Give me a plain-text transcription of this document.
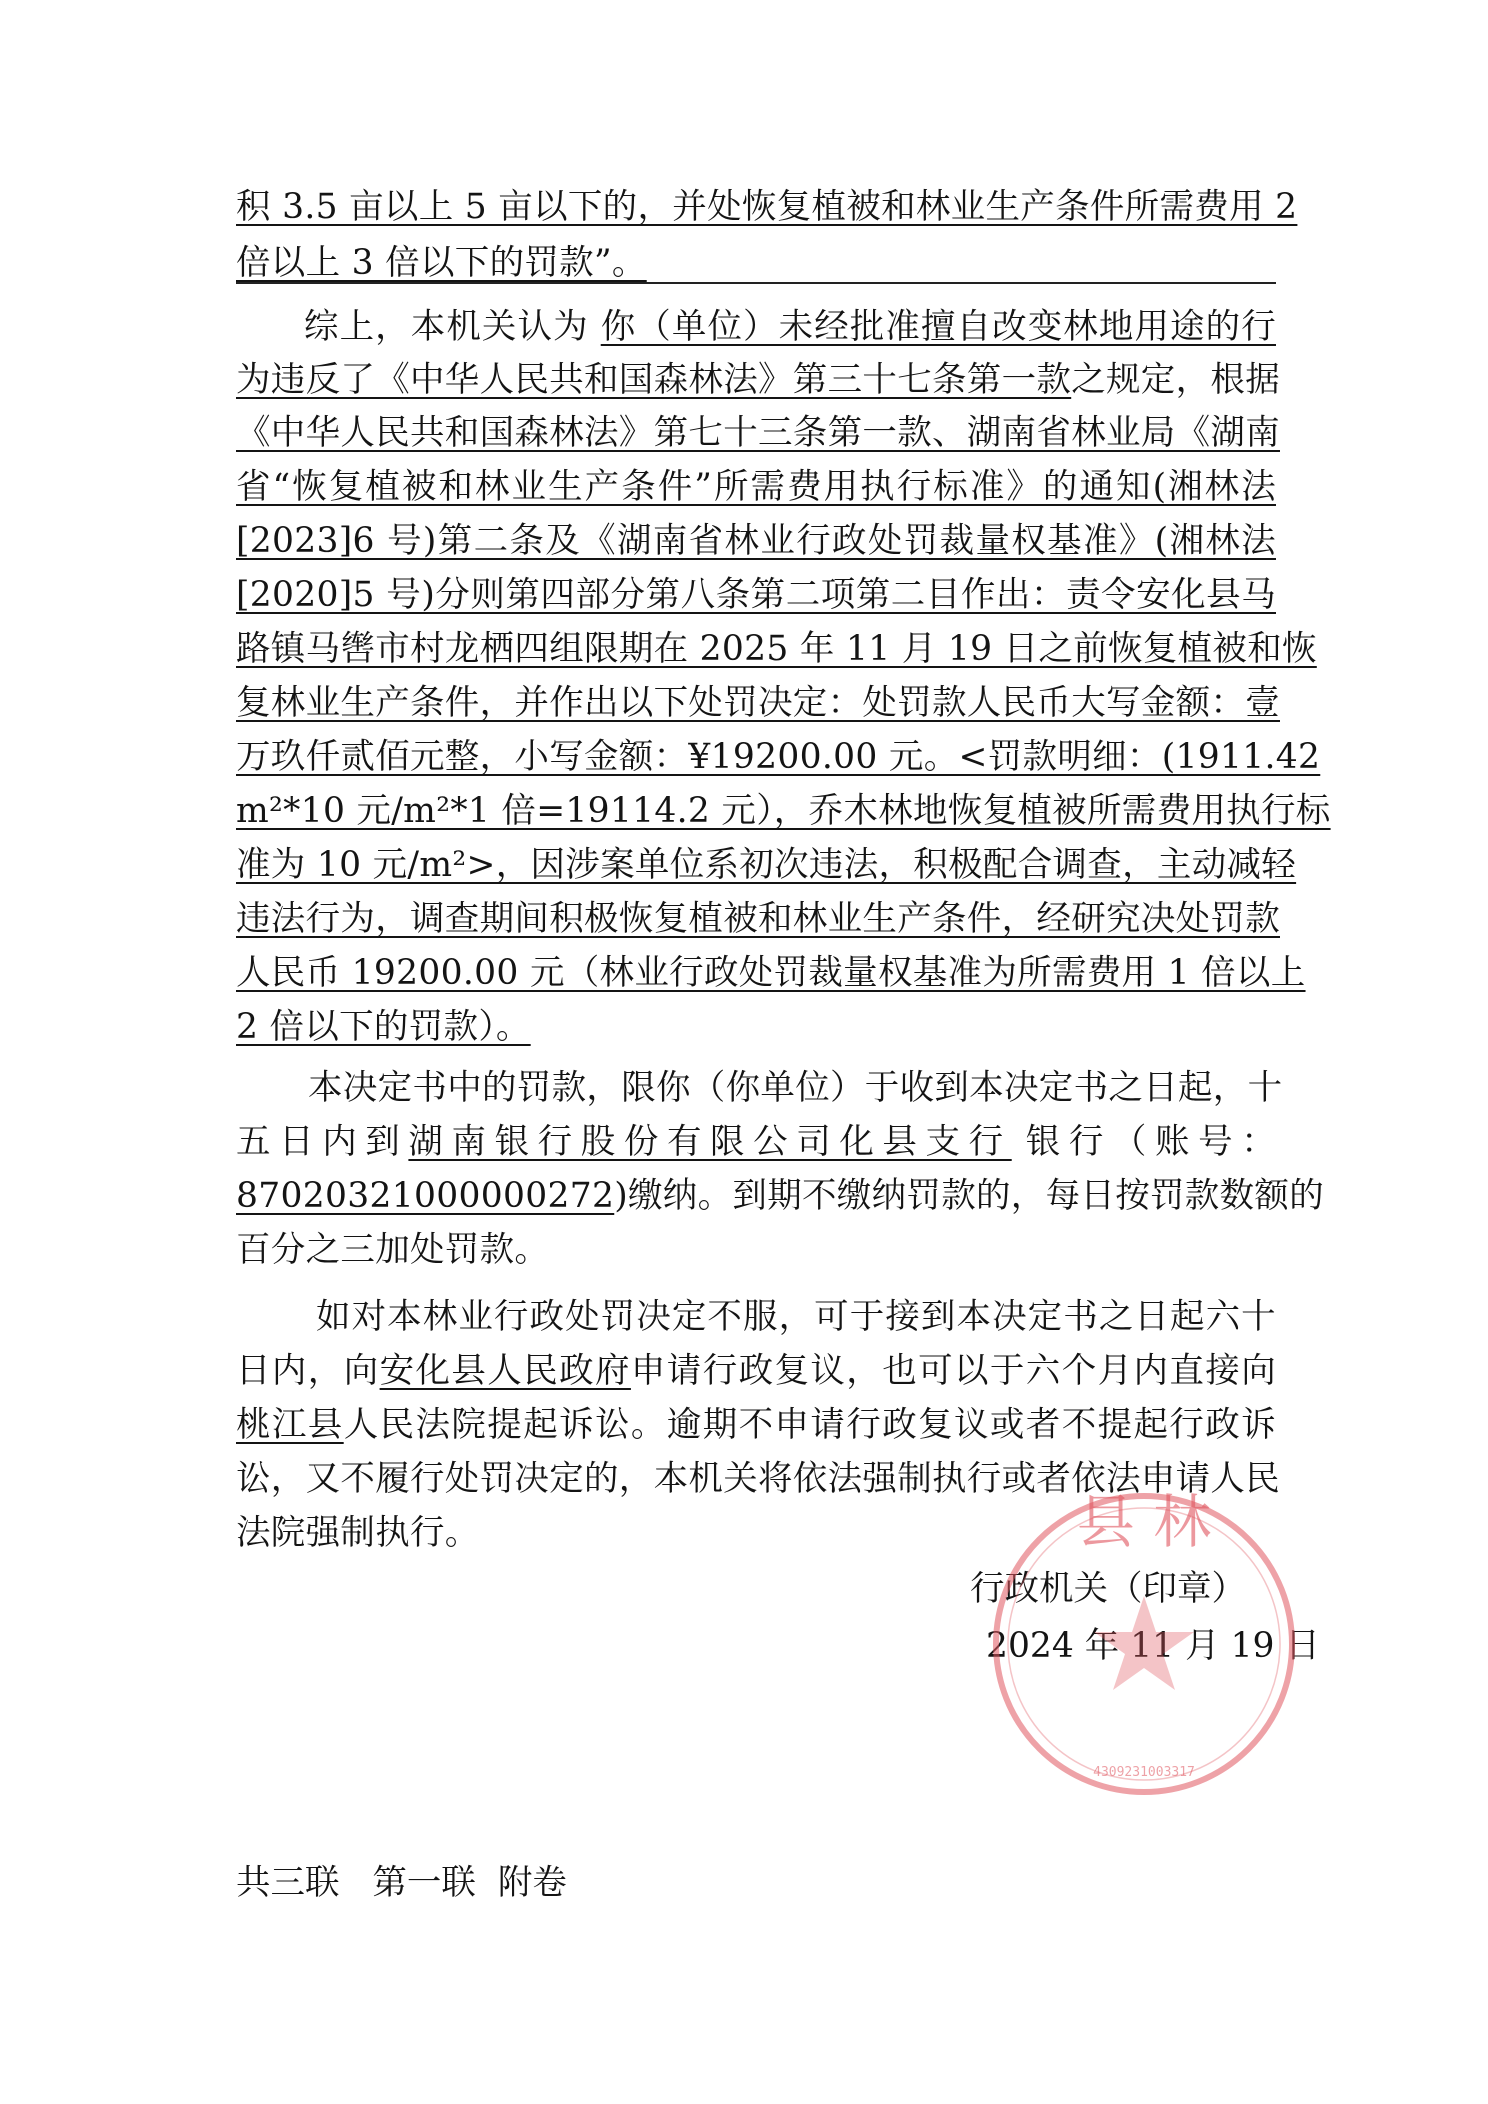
积 3.5 亩以上 5 亩以下的，并处恢复植被和林业生产条件所需费用 2
倍以上 3 倍以下的罚款”。
综上，本机关认为 你（单位）未经批准擅自改变林地用途的行
为违反了《中华人民共和国森林法》第三十七条第一款之规定，根据
《中华人民共和国森林法》第七十三条第一款、湖南省林业局《湖南
省“恢复植被和林业生产条件”所需费用执行标准》的通知(湘林法
[2023]6 号)第二条及《湖南省林业行政处罚裁量权基准》(湘林法
[2020]5 号)分则第四部分第八条第二项第二目作出：责令安化县马
路镇马辔市村龙栖四组限期在 2025 年 11 月 19 日之前恢复植被和恢
复林业生产条件，并作出以下处罚决定：处罚款人民币大写金额：壹
万玖仟贰佰元整，小写金额：¥19200.00 元。<罚款明细：(1911.42
m²*10 元/m²*1 倍=19114.2 元），乔木林地恢复植被所需费用执行标
准为 10 元/m²>，因涉案单位系初次违法，积极配合调查，主动减轻
违法行为，调查期间积极恢复植被和林业生产条件，经研究决处罚款
人民币 19200.00 元（林业行政处罚裁量权基准为所需费用 1 倍以上
2 倍以下的罚款）。
本决定书中的罚款，限你（你单位）于收到本决定书之日起，十
五日内到湖南银行股份有限公司化县支行 银行（账号：
87020321000000272)缴纳。到期不缴纳罚款的，每日按罚款数额的
百分之三加处罚款。
如对本林业行政处罚决定不服，可于接到本决定书之日起六十
日内，向安化县人民政府申请行政复议，也可以于六个月内直接向
桃江县人民法院提起诉讼。逾期不申请行政复议或者不提起行政诉
讼，又不履行处罚决定的，本机关将依法强制执行或者依法申请人民
法院强制执行。
行政机关（印章）
2024 年 11 月 19 日
县 林
4309231003317
共三联   第一联  附卷
